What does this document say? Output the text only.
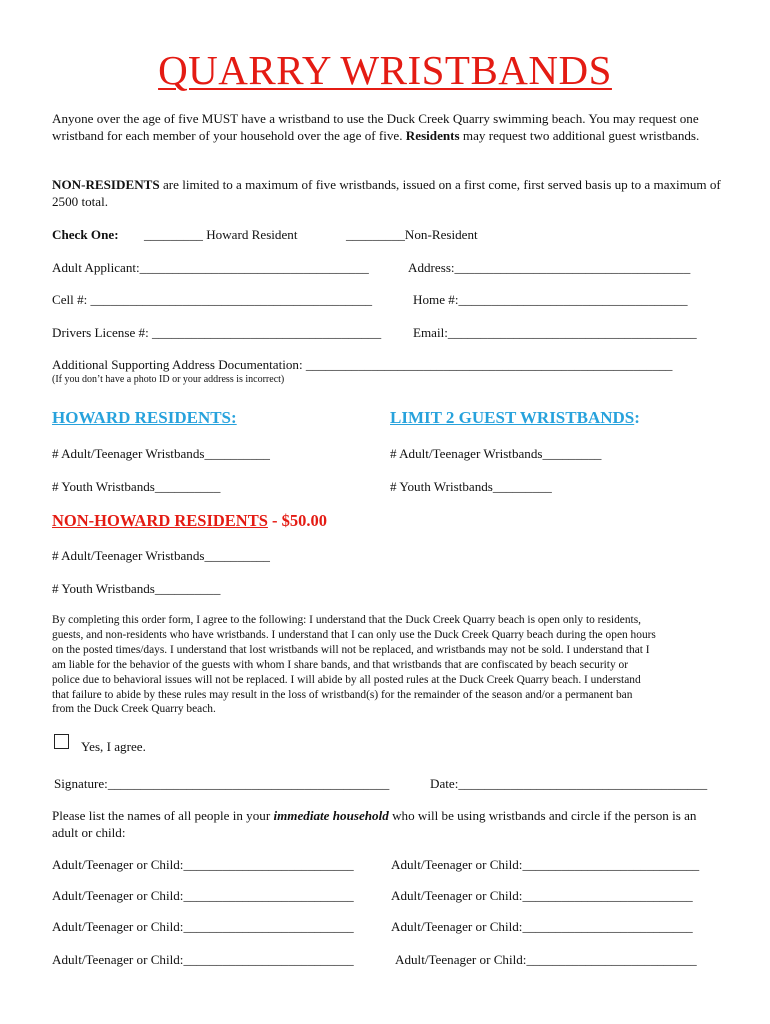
QUARRY WRISTBANDS
Anyone over the age of five MUST have a wristband to use the Duck Creek Quarry swimming beach. You may request one wristband for each member of your household over the age of five. Residents may request two additional guest wristbands.
NON-RESIDENTS are limited to a maximum of five wristbands, issued on a first come, first served basis up to a maximum of 2500 total.
Check One: _________ Howard Resident	_________Non-Resident
Adult Applicant:___________________________________	Address:____________________________________
Cell #: ___________________________________________	Home #:___________________________________
Drivers License #: ___________________________________ Email:______________________________________
Additional Supporting Address Documentation: ________________________________________________________
(If you don’t have a photo ID or your address is incorrect)
HOWARD RESIDENTS:	LIMIT 2 GUEST WRISTBANDS:
# Adult/Teenager Wristbands__________	# Adult/Teenager Wristbands_________
# Youth Wristbands__________	# Youth Wristbands_________
NON-HOWARD RESIDENTS - $50.00
# Adult/Teenager Wristbands__________
# Youth Wristbands__________
By completing this order form, I agree to the following: I understand that the Duck Creek Quarry beach is open only to residents,
guests, and non-residents who have wristbands. I understand that I can only use the Duck Creek Quarry beach during the open hours
on the posted times/days. I understand that lost wristbands will not be replaced, and wristbands may not be sold. I understand that I
am liable for the behavior of the guests with whom I share bands, and that wristbands that are confiscated by beach security or
police due to behavioral issues will not be replaced. I will abide by all posted rules at the Duck Creek Quarry beach. I understand
that failure to abide by these rules may result in the loss of wristband(s) for the remainder of the season and/or a permanent ban
from the Duck Creek Quarry beach.
Yes, I agree.
Signature:___________________________________________	Date:______________________________________
Please list the names of all people in your immediate household who will be using wristbands and circle if the person is an adult or child:
Adult/Teenager or Child:__________________________	Adult/Teenager or Child:___________________________
Adult/Teenager or Child:__________________________	Adult/Teenager or Child:__________________________
Adult/Teenager or Child:__________________________	Adult/Teenager or Child:__________________________
Adult/Teenager or Child:__________________________	Adult/Teenager or Child:__________________________
